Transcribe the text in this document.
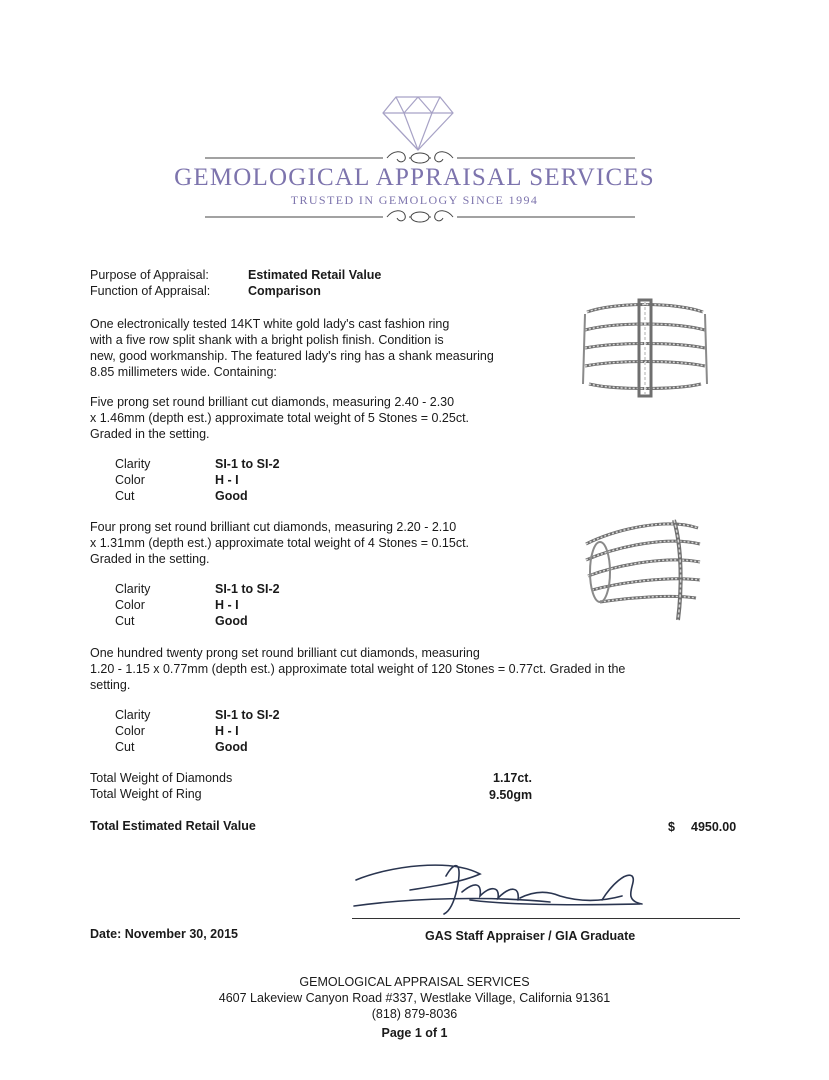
GEMOLOGICAL APPRAISAL SERVICES
TRUSTED IN GEMOLOGY SINCE 1994
Purpose of Appraisal:	Estimated Retail Value
Function of Appraisal:	Comparison
One electronically tested 14KT white gold lady's cast fashion ring
with a five row split shank with a bright polish finish. Condition is
new, good workmanship. The featured lady's ring has a shank measuring
8.85 millimeters wide. Containing:
Five prong set round brilliant cut diamonds, measuring 2.40 - 2.30
x 1.46mm (depth est.) approximate total weight of 5 Stones = 0.25ct.
Graded in the setting.
Clarity	SI-1 to SI-2
Color	H - I
Cut	Good
Four prong set round brilliant cut diamonds, measuring 2.20 - 2.10
x 1.31mm (depth est.) approximate total weight of 4 Stones = 0.15ct.
Graded in the setting.
Clarity	SI-1 to SI-2
Color	H - I
Cut	Good
One hundred twenty prong set round brilliant cut diamonds, measuring
1.20 - 1.15 x 0.77mm (depth est.) approximate total weight of 120 Stones = 0.77ct. Graded in the
setting.
Clarity	SI-1 to SI-2
Color	H - I
Cut	Good
Total Weight of Diamonds	1.17ct.
Total Weight of Ring	9.50gm
Total Estimated Retail Value	$ 4950.00
Date: November 30, 2015	GAS Staff Appraiser / GIA Graduate
GEMOLOGICAL APPRAISAL SERVICES
4607 Lakeview Canyon Road #337, Westlake Village, California 91361
(818) 879-8036
Page 1 of 1
